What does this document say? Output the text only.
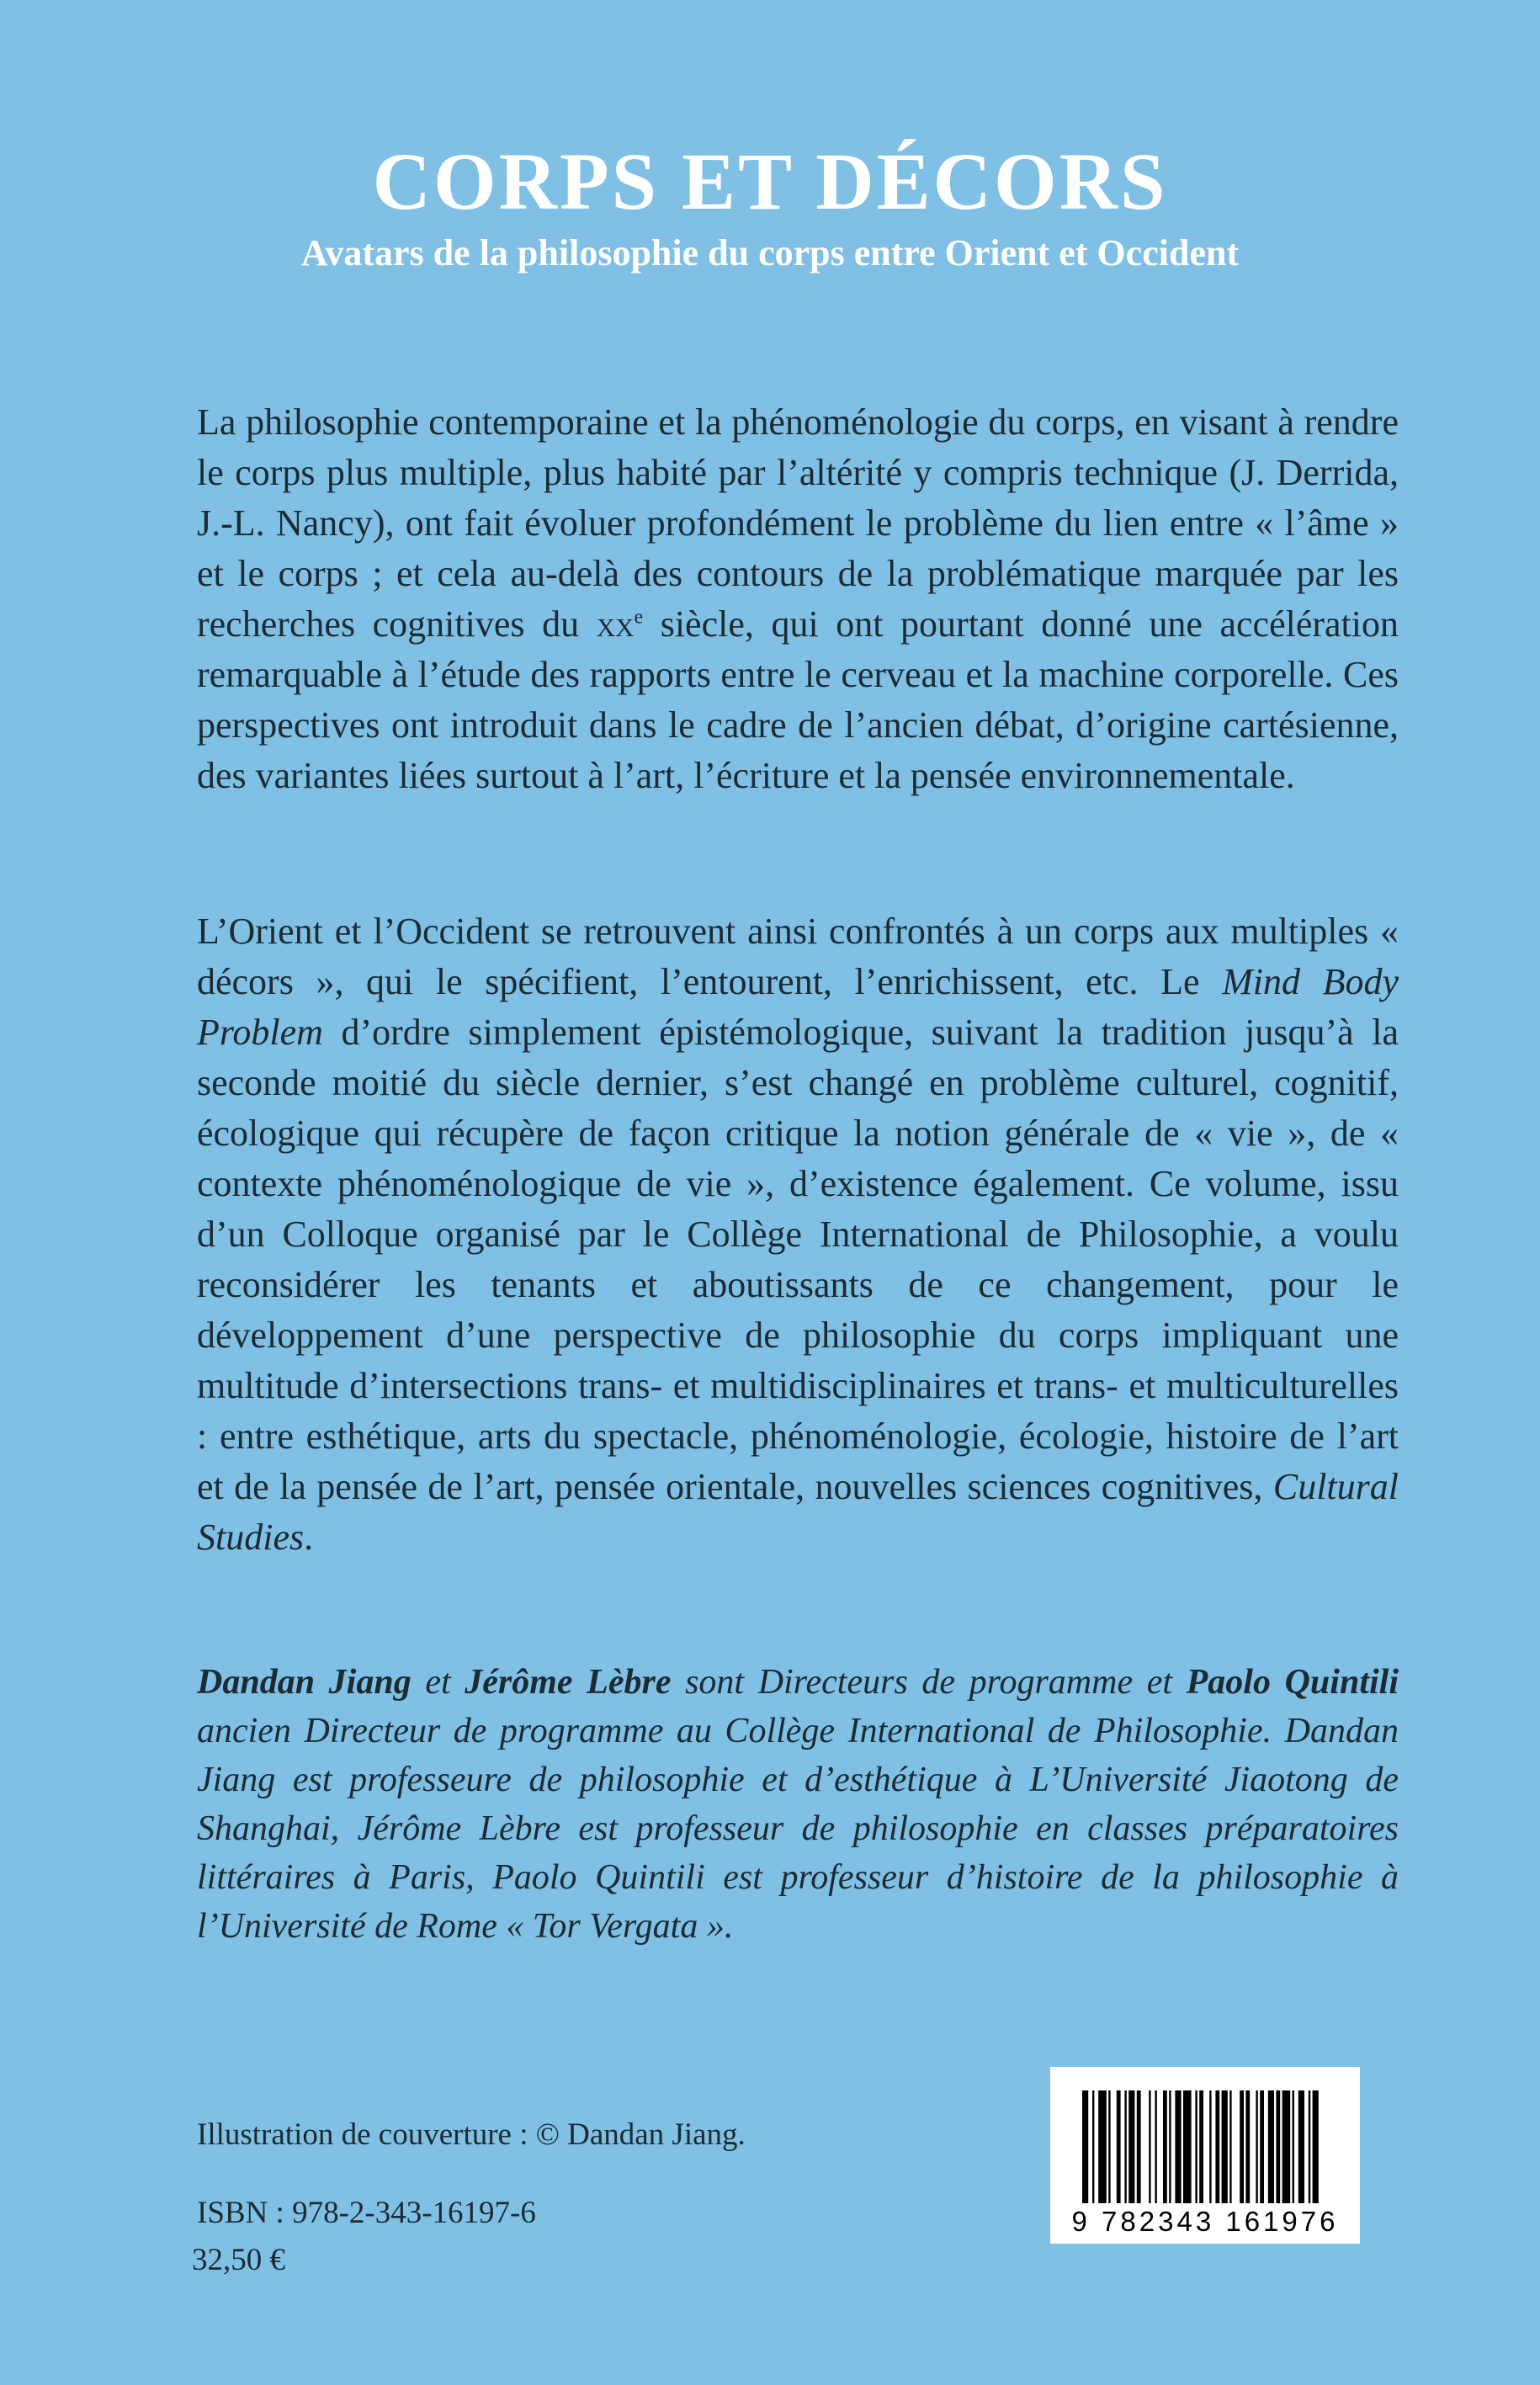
CORPS ET DÉCORS
Avatars de la philosophie du corps entre Orient et Occident

La philosophie contemporaine et la phénoménologie du corps, en visant à rendre le corps plus multiple, plus habité par l’altérité y compris technique (J. Derrida, J.-L. Nancy), ont fait évoluer profondément le problème du lien entre « l’âme » et le corps ; et cela au-delà des contours de la problématique marquée par les recherches cognitives du $xx^e$ siècle, qui ont pourtant donné une accélération remarquable à l’étude des rapports entre le cerveau et la machine corporelle. Ces perspectives ont introduit dans le cadre de l’ancien débat, d’origine cartésienne, des variantes liées surtout à l’art, l’écriture et la pensée environnementale.

L’Orient et l’Occident se retrouvent ainsi confrontés à un corps aux multiples « décors », qui le spécifient, l’entourent, l’enrichissent, etc. Le Mind Body Problem d’ordre simplement épistémologique, suivant la tradition jusqu’à la seconde moitié du siècle dernier, s’est changé en problème culturel, cognitif, écologique qui récupère de façon critique la notion générale de « vie », de « contexte phénoménologique de vie », d’existence également. Ce volume, issu d’un Colloque organisé par le Collège International de Philosophie, a voulu reconsidérer les tenants et aboutissants de ce changement, pour le développement d’une perspective de philosophie du corps impliquant une multitude d’intersections trans- et multidisciplinaires et trans- et multiculturelles : entre esthétique, arts du spectacle, phénoménologie, écologie, histoire de l’art et de la pensée de l’art, pensée orientale, nouvelles sciences cognitives, Cultural Studies.

Dandan Jiang et Jérôme Lèbre sont Directeurs de programme et Paolo Quintili ancien Directeur de programme au Collège International de Philosophie. Dandan Jiang est professeure de philosophie et d’esthétique à L’Université Jiaotong de Shanghai, Jérôme Lèbre est professeur de philosophie en classes préparatoires littéraires à Paris, Paolo Quintili est professeur d’histoire de la philosophie à l’Université de Rome « Tor Vergata ».

Illustration de couverture : © Dandan Jiang.

ISBN : 978-2-343-16197-6

32,50 €

9 782343 161976
